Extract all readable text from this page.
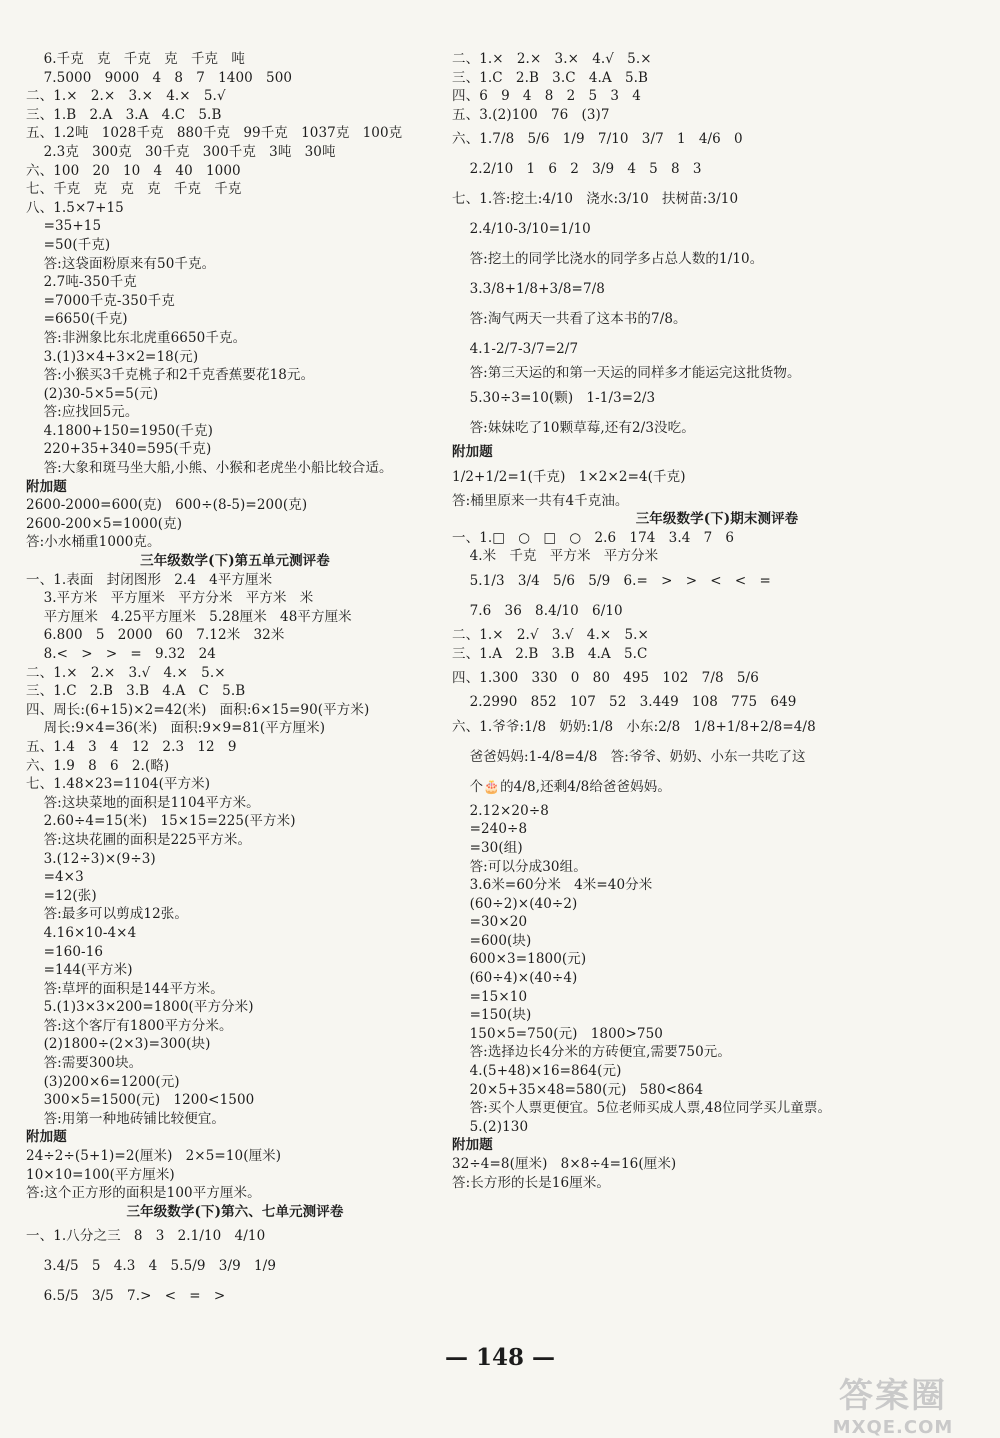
6.千克   克   千克   克   千克   吨
7.5000   9000   4   8   7   1400   500
二、1.×   2.×   3.×   4.×   5.√
三、1.B   2.A   3.A   4.C   5.B
五、1.2吨   1028千克   880千克   99千克   1037克   100克
2.3克   300克   30千克   300千克   3吨   30吨
六、100   20   10   4   40   1000
七、千克   克   克   克   千克   千克
八、1.5×7+15
=35+15
=50(千克)
答:这袋面粉原来有50千克。
2.7吨-350千克
=7000千克-350千克
=6650(千克)
答:非洲象比东北虎重6650千克。
3.(1)3×4+3×2=18(元)
答:小猴买3千克桃子和2千克香蕉要花18元。
(2)30-5×5=5(元)
答:应找回5元。
4.1800+150=1950(千克)
220+35+340=595(千克)
答:大象和斑马坐大船,小熊、小猴和老虎坐小船比较合适。
附加题
2600-2000=600(克)   600÷(8-5)=200(克)
2600-200×5=1000(克)
答:小水桶重1000克。
三年级数学(下)第五单元测评卷
一、1.表面   封闭图形   2.4   4平方厘米
3.平方米   平方厘米   平方分米   平方米   米
平方厘米   4.25平方厘米   5.28厘米   48平方厘米
6.800   5   2000   60   7.12米   32米
8.<   >   >   =   9.32   24
二、1.×   2.×   3.√   4.×   5.×
三、1.C   2.B   3.B   4.A   C   5.B
四、周长:(6+15)×2=42(米)   面积:6×15=90(平方米)
周长:9×4=36(米)   面积:9×9=81(平方厘米)
五、1.4   3   4   12   2.3   12   9
六、1.9   8   6   2.(略)
七、1.48×23=1104(平方米)
答:这块菜地的面积是1104平方米。
2.60÷4=15(米)   15×15=225(平方米)
答:这块花圃的面积是225平方米。
3.(12÷3)×(9÷3)
=4×3
=12(张)
答:最多可以剪成12张。
4.16×10-4×4
=160-16
=144(平方米)
答:草坪的面积是144平方米。
5.(1)3×3×200=1800(平方分米)
答:这个客厅有1800平方分米。
(2)1800÷(2×3)=300(块)
答:需要300块。
(3)200×6=1200(元)
300×5=1500(元)   1200<1500
答:用第一种地砖铺比较便宜。
附加题
24÷2÷(5+1)=2(厘米)   2×5=10(厘米)
10×10=100(平方厘米)
答:这个正方形的面积是100平方厘米。
三年级数学(下)第六、七单元测评卷
一、1.八分之三   8   3   2.1/10   4/10
3.4/5   5   4.3   4   5.5/9   3/9   1/9
6.5/5   3/5   7.>   <   =   >
二、1.×   2.×   3.×   4.√   5.×
三、1.C   2.B   3.C   4.A   5.B
四、6   9   4   8   2   5   3   4
五、3.(2)100   76   (3)7
六、1.7/8   5/6   1/9   7/10   3/7   1   4/6   0
2.2/10   1   6   2   3/9   4   5   8   3
七、1.答:挖土:4/10   浇水:3/10   扶树苗:3/10
2.4/10-3/10=1/10
答:挖土的同学比浇水的同学多占总人数的1/10。
3.3/8+1/8+3/8=7/8
答:淘气两天一共看了这本书的7/8。
4.1-2/7-3/7=2/7
答:第三天运的和第一天运的同样多才能运完这批货物。
5.30÷3=10(颗)   1-1/3=2/3
答:妹妹吃了10颗草莓,还有2/3没吃。
附加题
1/2+1/2=1(千克)   1×2×2=4(千克)
答:桶里原来一共有4千克油。
三年级数学(下)期末测评卷
一、1.□   ○   □   ○   2.6   174   3.4   7   6
4.米   千克   平方米   平方分米
5.1/3   3/4   5/6   5/9   6.=   >   >   <   <   =
7.6   36   8.4/10   6/10
二、1.×   2.√   3.√   4.×   5.×
三、1.A   2.B   3.B   4.A   5.C
四、1.300   330   0   80   495   102   7/8   5/6
2.2990   852   107   52   3.449   108   775   649
六、1.爷爷:1/8   奶奶:1/8   小东:2/8   1/8+1/8+2/8=4/8
爸爸妈妈:1-4/8=4/8   答:爷爷、奶奶、小东一共吃了这
个🎂的4/8,还剩4/8给爸爸妈妈。
2.12×20÷8
=240÷8
=30(组)
答:可以分成30组。
3.6米=60分米   4米=40分米
(60÷2)×(40÷2)
=30×20
=600(块)
600×3=1800(元)
(60÷4)×(40÷4)
=15×10
=150(块)
150×5=750(元)   1800>750
答:选择边长4分米的方砖便宜,需要750元。
4.(5+48)×16=864(元)
20×5+35×48=580(元)   580<864
答:买个人票更便宜。5位老师买成人票,48位同学买儿童票。
5.(2)130
附加题
32÷4=8(厘米)   8×8÷4=16(厘米)
答:长方形的长是16厘米。
— 148 —
答案圈
MXQE.COM
